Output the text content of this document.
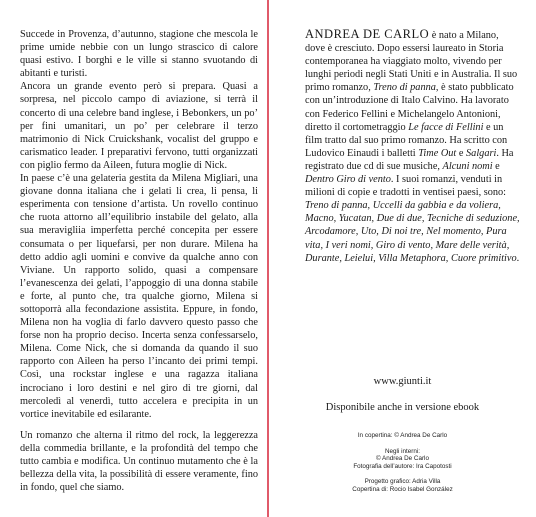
Succede in Provenza, d’autunno, stagione che mescola le prime umide nebbie con un lungo strascico di calore quasi estivo. I borghi e le ville si stanno svuotando di abitanti e turisti.

Ancora un grande evento però si prepara. Quasi a sorpresa, nel piccolo campo di aviazione, si terrà il concerto di una celebre band inglese, i Bebonkers, un po’ per fini umanitari, un po’ per celebrare il terzo matrimonio di Nick Cruickshank, vocalist del gruppo e carismatico leader. I preparativi fervono, tutti organizzati con piglio fermo da Aileen, futura moglie di Nick.

In paese c’è una gelateria gestita da Milena Migliari, una giovane donna italiana che i gelati li crea, li pensa, li esperimenta con tensione d’artista. Un rovello continuo che ruota attorno all’equilibrio instabile del gelato, alla sua meravigliia imperfetta perché concepita per essere consumata o per liquefarsi, per non durare. Milena ha detto addio agli uomini e convive da qualche anno con Viviane. Un rapporto solido, quasi a compensare l’evanescenza dei gelati, l’appoggio di una donna stabile e forte, al punto che, tra qualche giorno, Milena si sottoporrà alla fecondazione assistita. Eppure, in fondo, Milena non ha voglia di farlo davvero questo passo che forse non ha proprio deciso. Incerta senza confessarselo, Milena. Come Nick, che si domanda da quando il suo rapporto con Aileen ha perso l’incanto dei primi tempi. Così, una rockstar inglese e una ragazza italiana incrociano i loro destini e nel giro di tre giorni, dal mercoledì al venerdì, tutto accelera e precipita in un vortice inevitabile ed esilarante.

Un romanzo che alterna il ritmo del rock, la leggerezza della commedia brillante, e la profondità del tempo che tutto cambia e modifica. Un continuo mutamento che è la bellezza della vita, la possibilità di essere veramente, fino in fondo, quel che siamo.

ANDREA DE CARLO è nato a Milano, dove è cresciuto. Dopo essersi laureato in Storia contemporanea ha viaggiato molto, vivendo per lunghi periodi negli Stati Uniti e in Australia. Il suo primo romanzo, Treno di panna, è stato pubblicato con un’introduzione di Italo Calvino. Ha lavorato con Federico Fellini e Michelangelo Antonioni, diretto il cortometraggio Le facce di Fellini e un film tratto dal suo primo romanzo. Ha scritto con Ludovico Einaudi i balletti Time Out e Salgari. Ha registrato due cd di sue musiche, Alcuni nomi e Dentro Giro di vento. I suoi romanzi, venduti in milioni di copie e tradotti in ventisei paesi, sono: Treno di panna, Uccelli da gabbia e da voliera, Macno, Yucatan, Due di due, Tecniche di seduzione, Arcodamore, Uto, Di noi tre, Nel momento, Pura vita, I veri nomi, Giro di vento, Mare delle verità, Durante, Leielui, Villa Metaphora, Cuore primitivo.
www.giunti.it
Disponibile anche in versione ebook
In copertina: © Andrea De Carlo
Negli interni:
© Andrea De Carlo
Fotografia dell’autore: Ira Capotosti
Progetto grafico: Adria Villa
Copertina di: Rocio Isabel González
